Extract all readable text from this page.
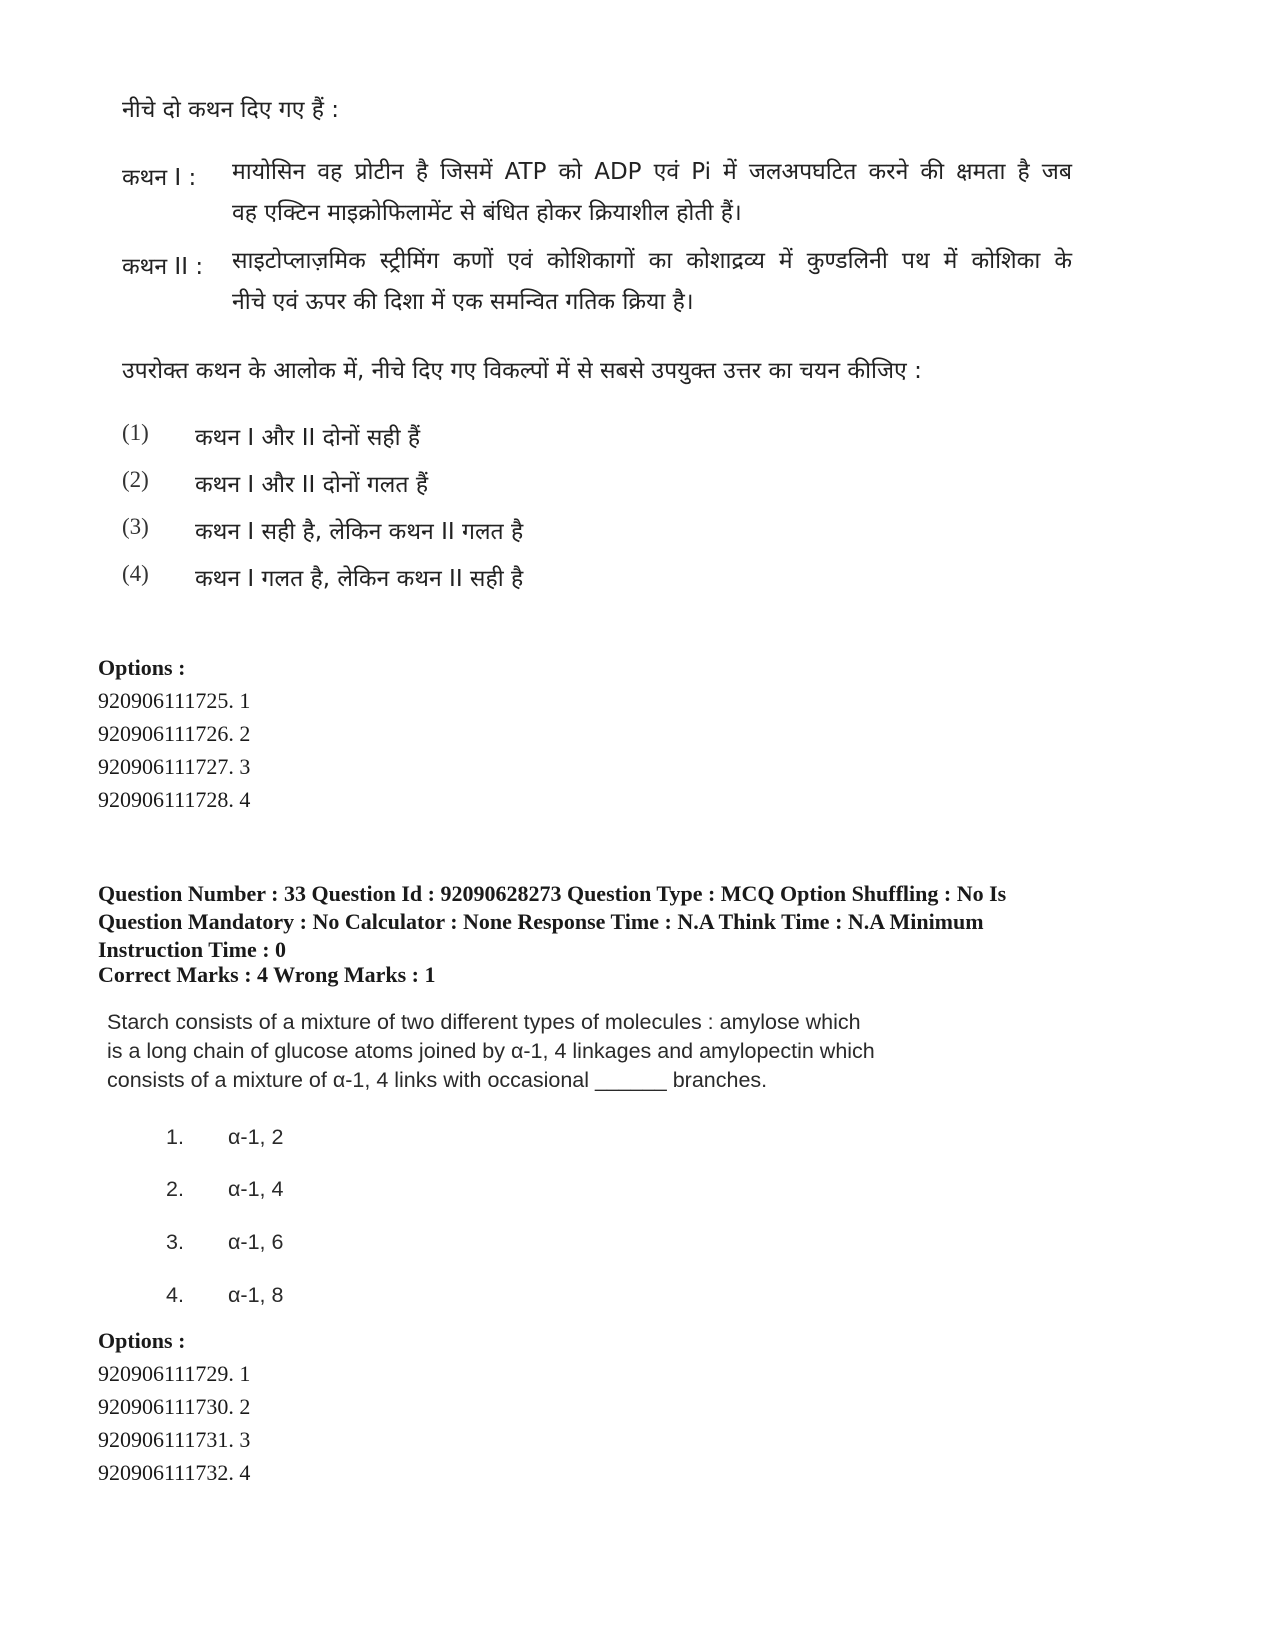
नीचे दो कथन दिए गए हैं :
कथन I : मायोसिन वह प्रोटीन है जिसमें ATP को ADP एवं Pi में जलअपघटित करने की क्षमता है जब

वह एक्टिन माइक्रोफिलामेंट से बंधित होकर क्रियाशील होती हैं।
कथन II : साइटोप्लाज़मिक स्ट्रीमिंग कणों एवं कोशिकागों का कोशाद्रव्य में कुण्डलिनी पथ में कोशिका के

नीचे एवं ऊपर की दिशा में एक समन्वित गतिक क्रिया है।
उपरोक्त कथन के आलोक में, नीचे दिए गए विकल्पों में से सबसे उपयुक्त उत्तर का चयन कीजिए :
(1) कथन I और II दोनों सही हैं
(2) कथन I और II दोनों गलत हैं
(3) कथन I सही है, लेकिन कथन II गलत है
(4) कथन I गलत है, लेकिन कथन II सही है
Options :
920906111725. 1
920906111726. 2
920906111727. 3
920906111728. 4
Question Number : 33 Question Id : 92090628273 Question Type : MCQ Option Shuffling : No Is
Question Mandatory : No Calculator : None Response Time : N.A Think Time : N.A Minimum
Instruction Time : 0
Correct Marks : 4 Wrong Marks : 1
Starch consists of a mixture of two different types of molecules : amylose which
is a long chain of glucose atoms joined by α-1, 4 linkages and amylopectin which
consists of a mixture of α-1, 4 links with occasional ______ branches.
1. α-1, 2
2. α-1, 4
3. α-1, 6
4. α-1, 8
Options :
920906111729. 1
920906111730. 2
920906111731. 3
920906111732. 4
